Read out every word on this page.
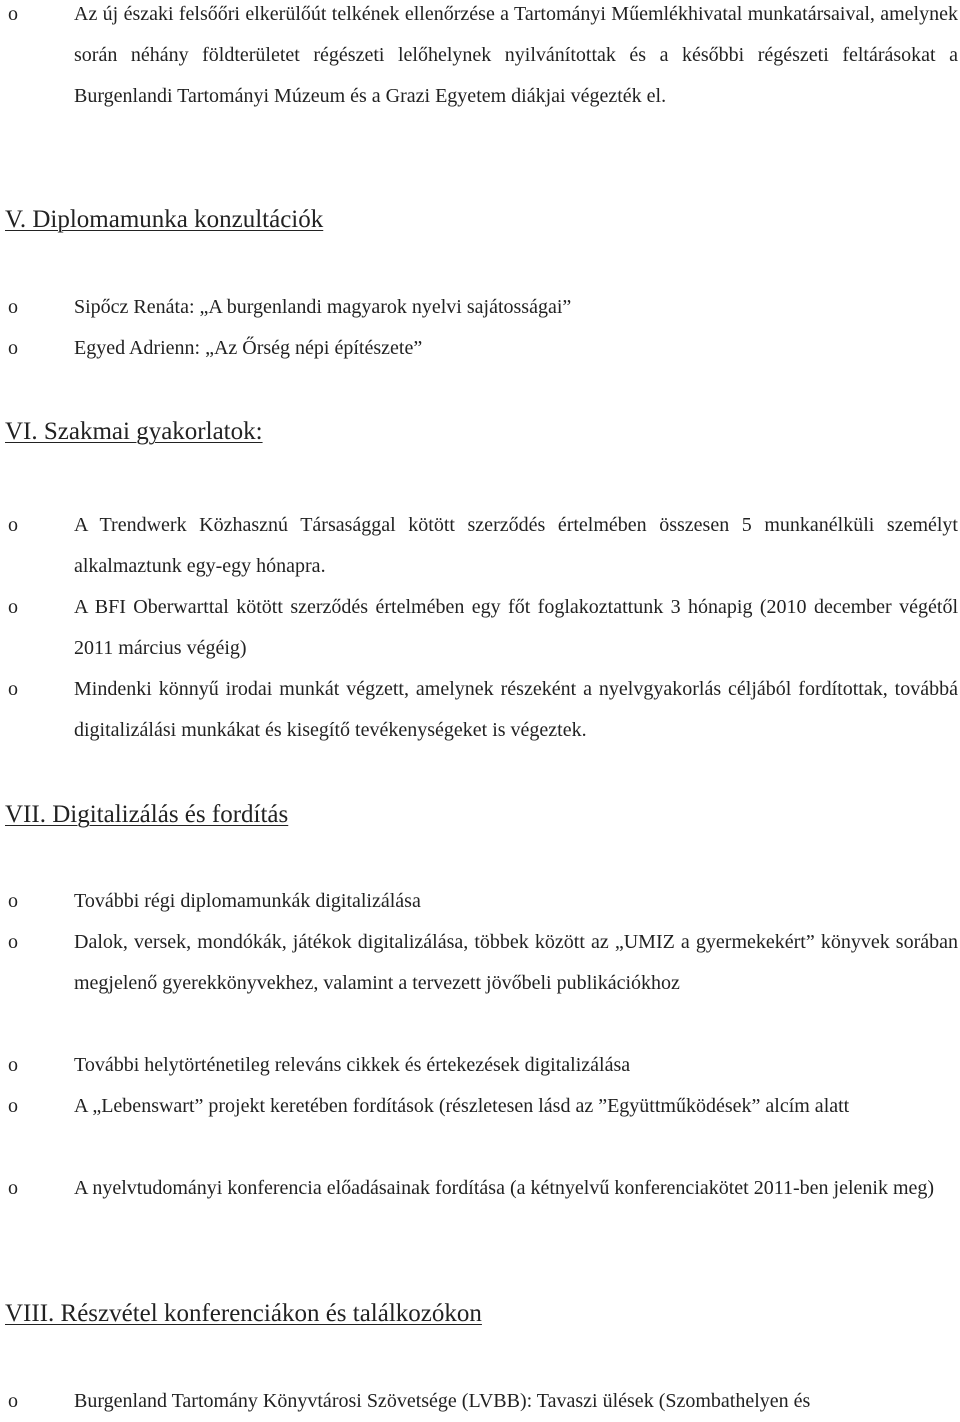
o	Az új északi felsőőri elkerülőút telkének ellenőrzése a Tartományi Műemlékhivatal munkatársaival, amelynek során néhány földterületet régészeti lelőhelynek nyilvánítottak és a későbbi régészeti feltárásokat a Burgenlandi Tartományi Múzeum és a Grazi Egyetem diákjai végezték el.
V. Diplomamunka konzultációk
o	Sipőcz Renáta: „A burgenlandi magyarok nyelvi sajátosságai”
o	Egyed Adrienn: „Az Őrség népi építészete”
VI. Szakmai gyakorlatok:
o	A Trendwerk Közhasznú Társasággal kötött szerződés értelmében összesen 5 munkanélküli személyt alkalmaztunk egy-egy hónapra.
o	A BFI Oberwarttal kötött szerződés értelmében egy főt foglakoztattunk 3 hónapig (2010 december végétől 2011 március végéig)
o	Mindenki könnyű irodai munkát végzett, amelynek részeként a nyelvgyakorlás céljából fordítottak, továbbá digitalizálási munkákat és kisegítő tevékenységeket is végeztek.
VII. Digitalizálás és fordítás
o	További régi diplomamunkák digitalizálása
o	Dalok, versek, mondókák, játékok digitalizálása, többek között az „UMIZ a gyermekekért” könyvek sorában megjelenő gyerekkönyvekhez, valamint a tervezett jövőbeli publikációkhoz
o	További helytörténetileg releváns cikkek és értekezések digitalizálása
o	A „Lebenswart” projekt keretében fordítások (részletesen lásd az ”Együttműködések” alcím alatt
o	A nyelvtudományi konferencia előadásainak fordítása (a kétnyelvű konferenciakötet 2011-ben jelenik meg)
VIII. Részvétel konferenciákon és találkozókon
o	Burgenland Tartomány Könyvtárosi Szövetsége (LVBB): Tavaszi ülések (Szombathelyen és
